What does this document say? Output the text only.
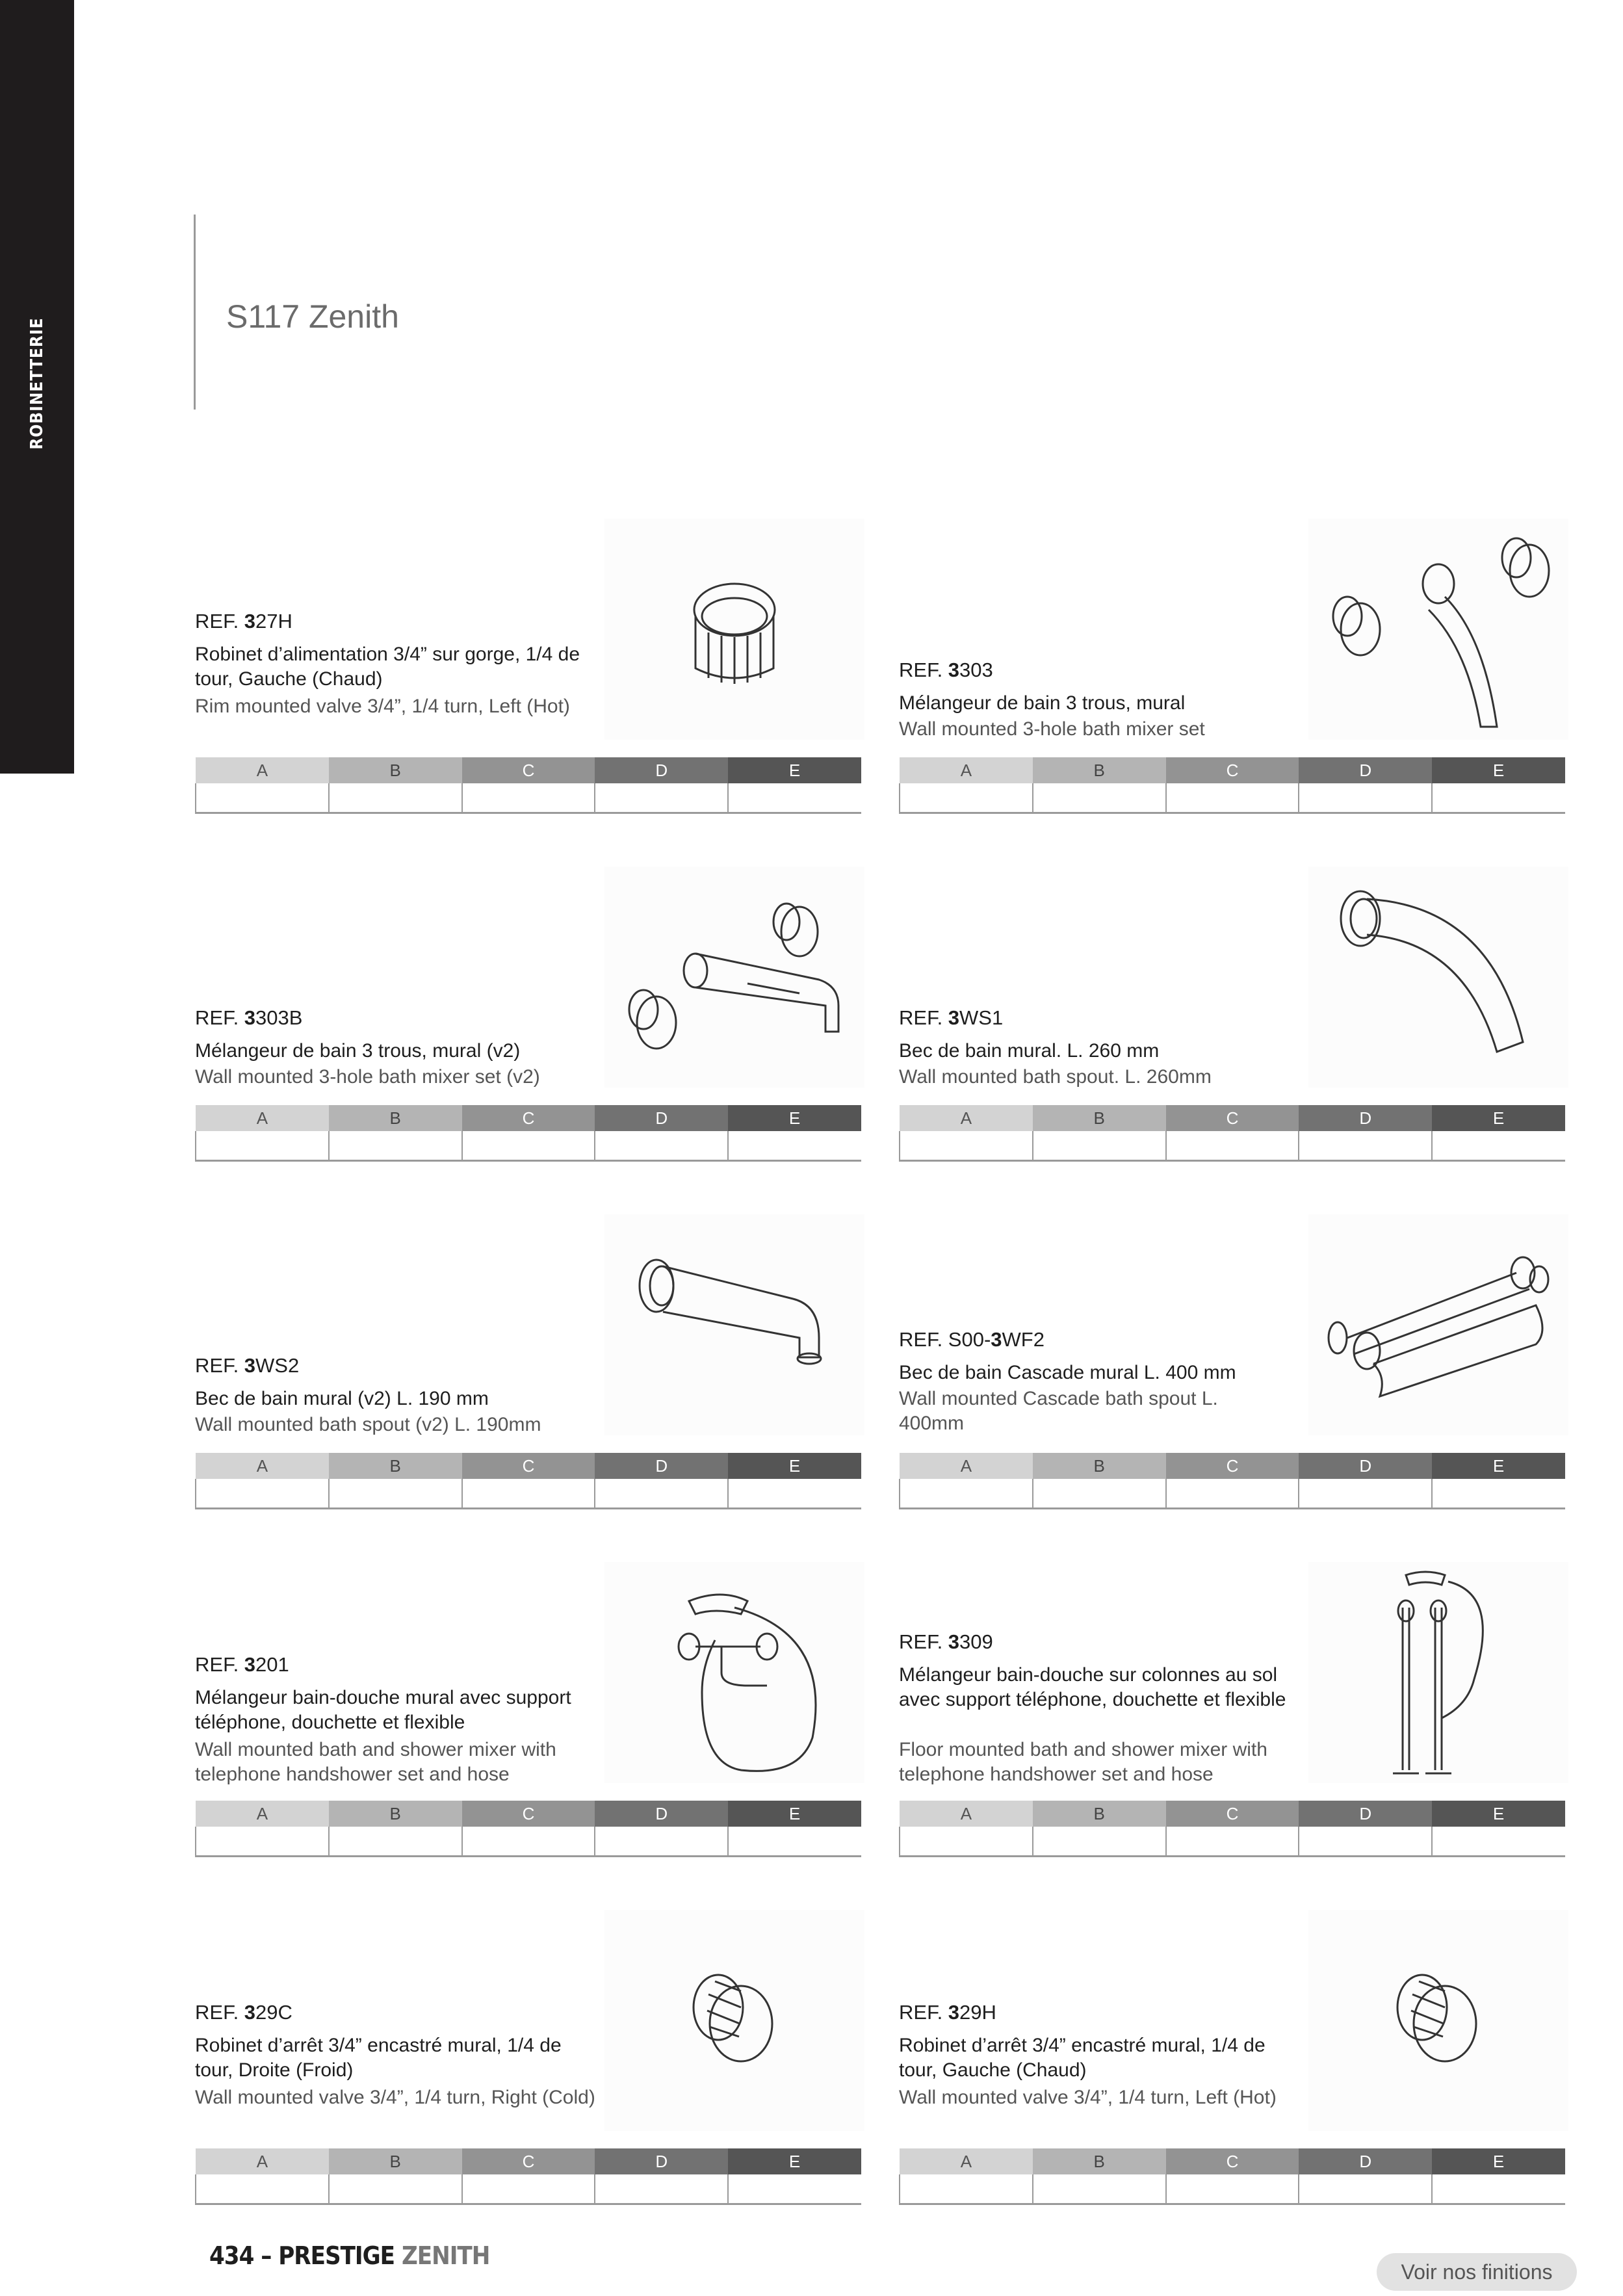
ROBINETTERIE
S117 Zenith
REF. 327H
Robinet d’alimentation 3/4” sur gorge, 1/4 de tour, Gauche (Chaud)
Rim mounted valve 3/4”, 1/4 turn, Left (Hot)
A	B	C	D	E

REF. 3303
Mélangeur de bain 3 trous, mural
Wall mounted 3-hole bath mixer set
A	B	C	D	E

REF. 3303B
Mélangeur de bain 3 trous, mural (v2)
Wall mounted 3-hole bath mixer set (v2)
A	B	C	D	E

REF. 3WS1
Bec de bain mural. L. 260 mm
Wall mounted bath spout. L. 260mm
A	B	C	D	E

REF. 3WS2
Bec de bain mural (v2) L. 190 mm
Wall mounted bath spout (v2) L. 190mm
A	B	C	D	E

REF. S00-3WF2
Bec de bain Cascade mural L. 400 mm
Wall mounted Cascade bath spout L. 400mm
A	B	C	D	E

REF. 3201
Mélangeur bain-douche mural avec support téléphone, douchette et flexible
Wall mounted bath and shower mixer with telephone handshower set and hose
A	B	C	D	E

REF. 3309
Mélangeur bain-douche sur colonnes au sol avec support téléphone, douchette et flexible
Floor mounted bath and shower mixer with telephone handshower set and hose
A	B	C	D	E

REF. 329C
Robinet d’arrêt 3/4” encastré mural, 1/4 de tour, Droite (Froid)
Wall mounted valve 3/4”, 1/4 turn, Right (Cold)
A	B	C	D	E

REF. 329H
Robinet d’arrêt 3/4” encastré mural, 1/4 de tour, Gauche (Chaud)
Wall mounted valve 3/4”, 1/4 turn, Left (Hot)
A	B	C	D	E

434 – PRESTIGE ZENITH
Voir nos finitions
